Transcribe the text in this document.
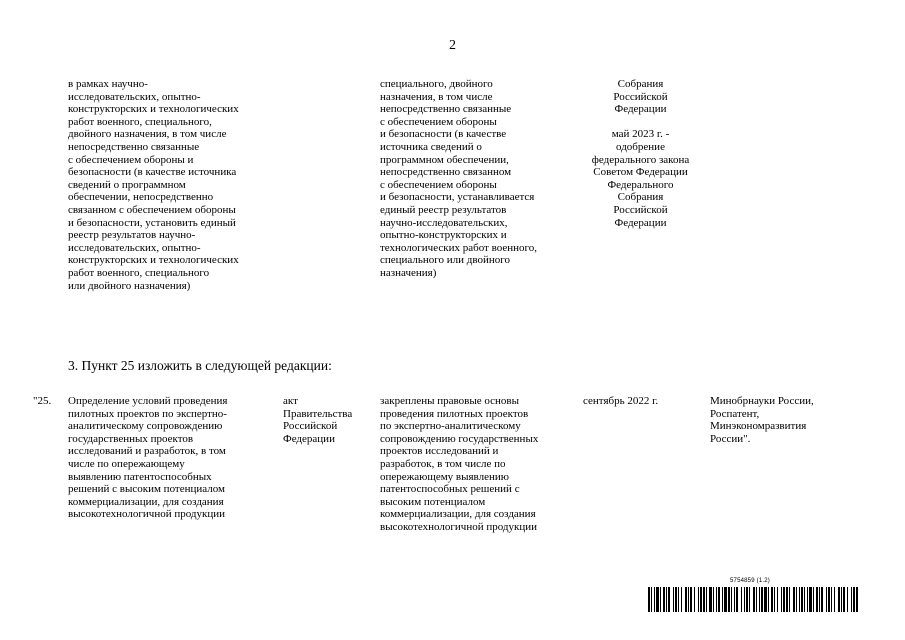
2
в рамках научно-
исследовательских, опытно-
конструкторских и технологических
работ военного, специального,
двойного назначения, в том числе
непосредственно связанные
с обеспечением обороны и
безопасности (в качестве источника
сведений о программном
обеспечении, непосредственно
связанном с обеспечением обороны
и безопасности, установить единый
реестр результатов научно-
исследовательских, опытно-
конструкторских и технологических
работ военного, специального
или двойного назначения)
специального, двойного
назначения, в том числе
непосредственно связанные
с обеспечением обороны
и безопасности (в качестве
источника сведений о
программном обеспечении,
непосредственно связанном
с обеспечением обороны
и безопасности, устанавливается
единый реестр результатов
научно-исследовательских,
опытно-конструкторских и
технологических работ военного,
специального или двойного
назначения)
Собрания
Российской
Федерации

май 2023 г. -
одобрение
федерального закона
Советом Федерации
Федерального
Собрания
Российской
Федерации
3. Пункт 25 изложить в следующей редакции:
"25.	Определение условий проведения
пилотных проектов по экспертно-
аналитическому сопровождению
государственных проектов
исследований и разработок, в том
числе по опережающему
выявлению патентоспособных
решений с высоким потенциалом
коммерциализации, для создания
высокотехнологичной продукции
акт
Правительства
Российской
Федерации
закреплены правовые основы
проведения пилотных проектов
по экспертно-аналитическому
сопровождению государственных
проектов исследований и
разработок, в том числе по
опережающему выявлению
патентоспособных решений с
высоким потенциалом
коммерциализации, для создания
высокотехнологичной продукции
сентябрь 2022 г.	Минобрнауки России,
Роспатент,
Минэкономразвития
России".
5754859 (1.2)
